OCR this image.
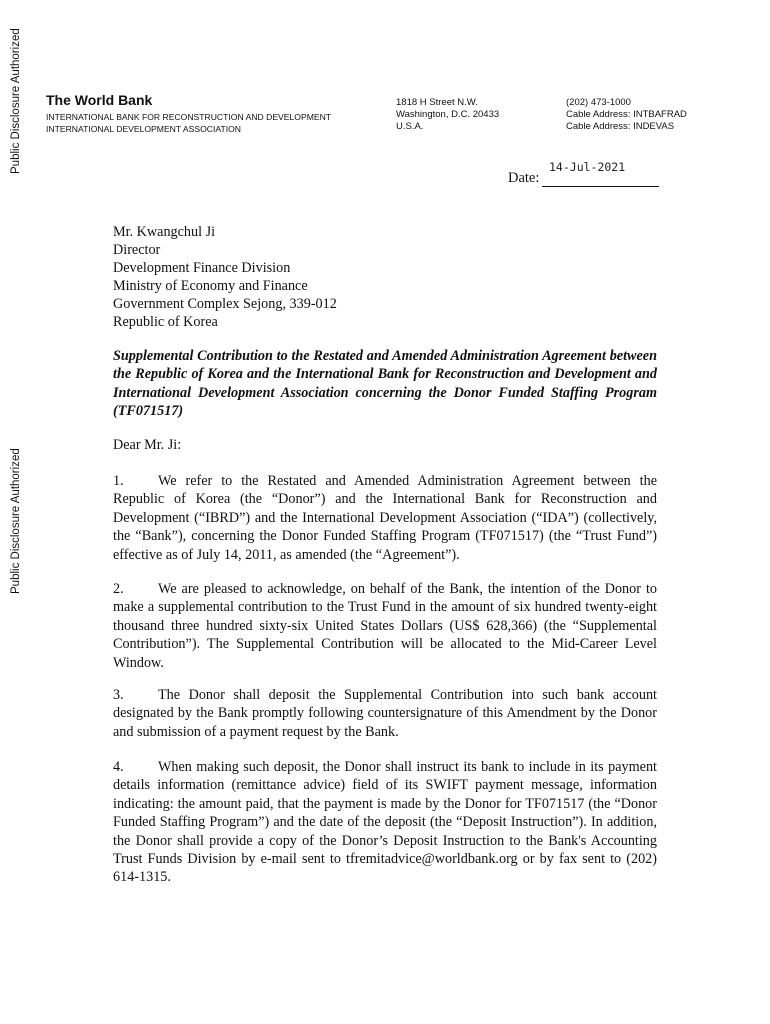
Public Disclosure Authorized
Public Disclosure Authorized
The World Bank
INTERNATIONAL BANK FOR RECONSTRUCTION AND DEVELOPMENT
INTERNATIONAL DEVELOPMENT ASSOCIATION
1818 H Street N.W.
Washington, D.C. 20433
U.S.A.
(202) 473-1000
Cable Address: INTBAFRAD
Cable Address: INDEVAS
14-Jul-2021
Date:
Mr. Kwangchul Ji
Director
Development Finance Division
Ministry of Economy and Finance
Government Complex Sejong, 339-012
Republic of Korea
Supplemental Contribution to the Restated and Amended Administration Agreement between the Republic of Korea and the International Bank for Reconstruction and Development and International Development Association concerning the Donor Funded Staffing Program (TF071517)
Dear Mr. Ji:
1. We refer to the Restated and Amended Administration Agreement between the Republic of Korea (the “Donor”) and the International Bank for Reconstruction and Development (“IBRD”) and the International Development Association (“IDA”) (collectively, the “Bank”), concerning the Donor Funded Staffing Program (TF071517) (the “Trust Fund”) effective as of July 14, 2011, as amended (the “Agreement”).
2. We are pleased to acknowledge, on behalf of the Bank, the intention of the Donor to make a supplemental contribution to the Trust Fund in the amount of six hundred twenty-eight thousand three hundred sixty-six United States Dollars (US$ 628,366) (the “Supplemental Contribution”). The Supplemental Contribution will be allocated to the Mid-Career Level Window.
3. The Donor shall deposit the Supplemental Contribution into such bank account designated by the Bank promptly following countersignature of this Amendment by the Donor and submission of a payment request by the Bank.
4. When making such deposit, the Donor shall instruct its bank to include in its payment details information (remittance advice) field of its SWIFT payment message, information indicating: the amount paid, that the payment is made by the Donor for TF071517 (the “Donor Funded Staffing Program”) and the date of the deposit (the “Deposit Instruction”). In addition, the Donor shall provide a copy of the Donor’s Deposit Instruction to the Bank's Accounting Trust Funds Division by e-mail sent to tfremitadvice@worldbank.org or by fax sent to (202) 614-1315.
